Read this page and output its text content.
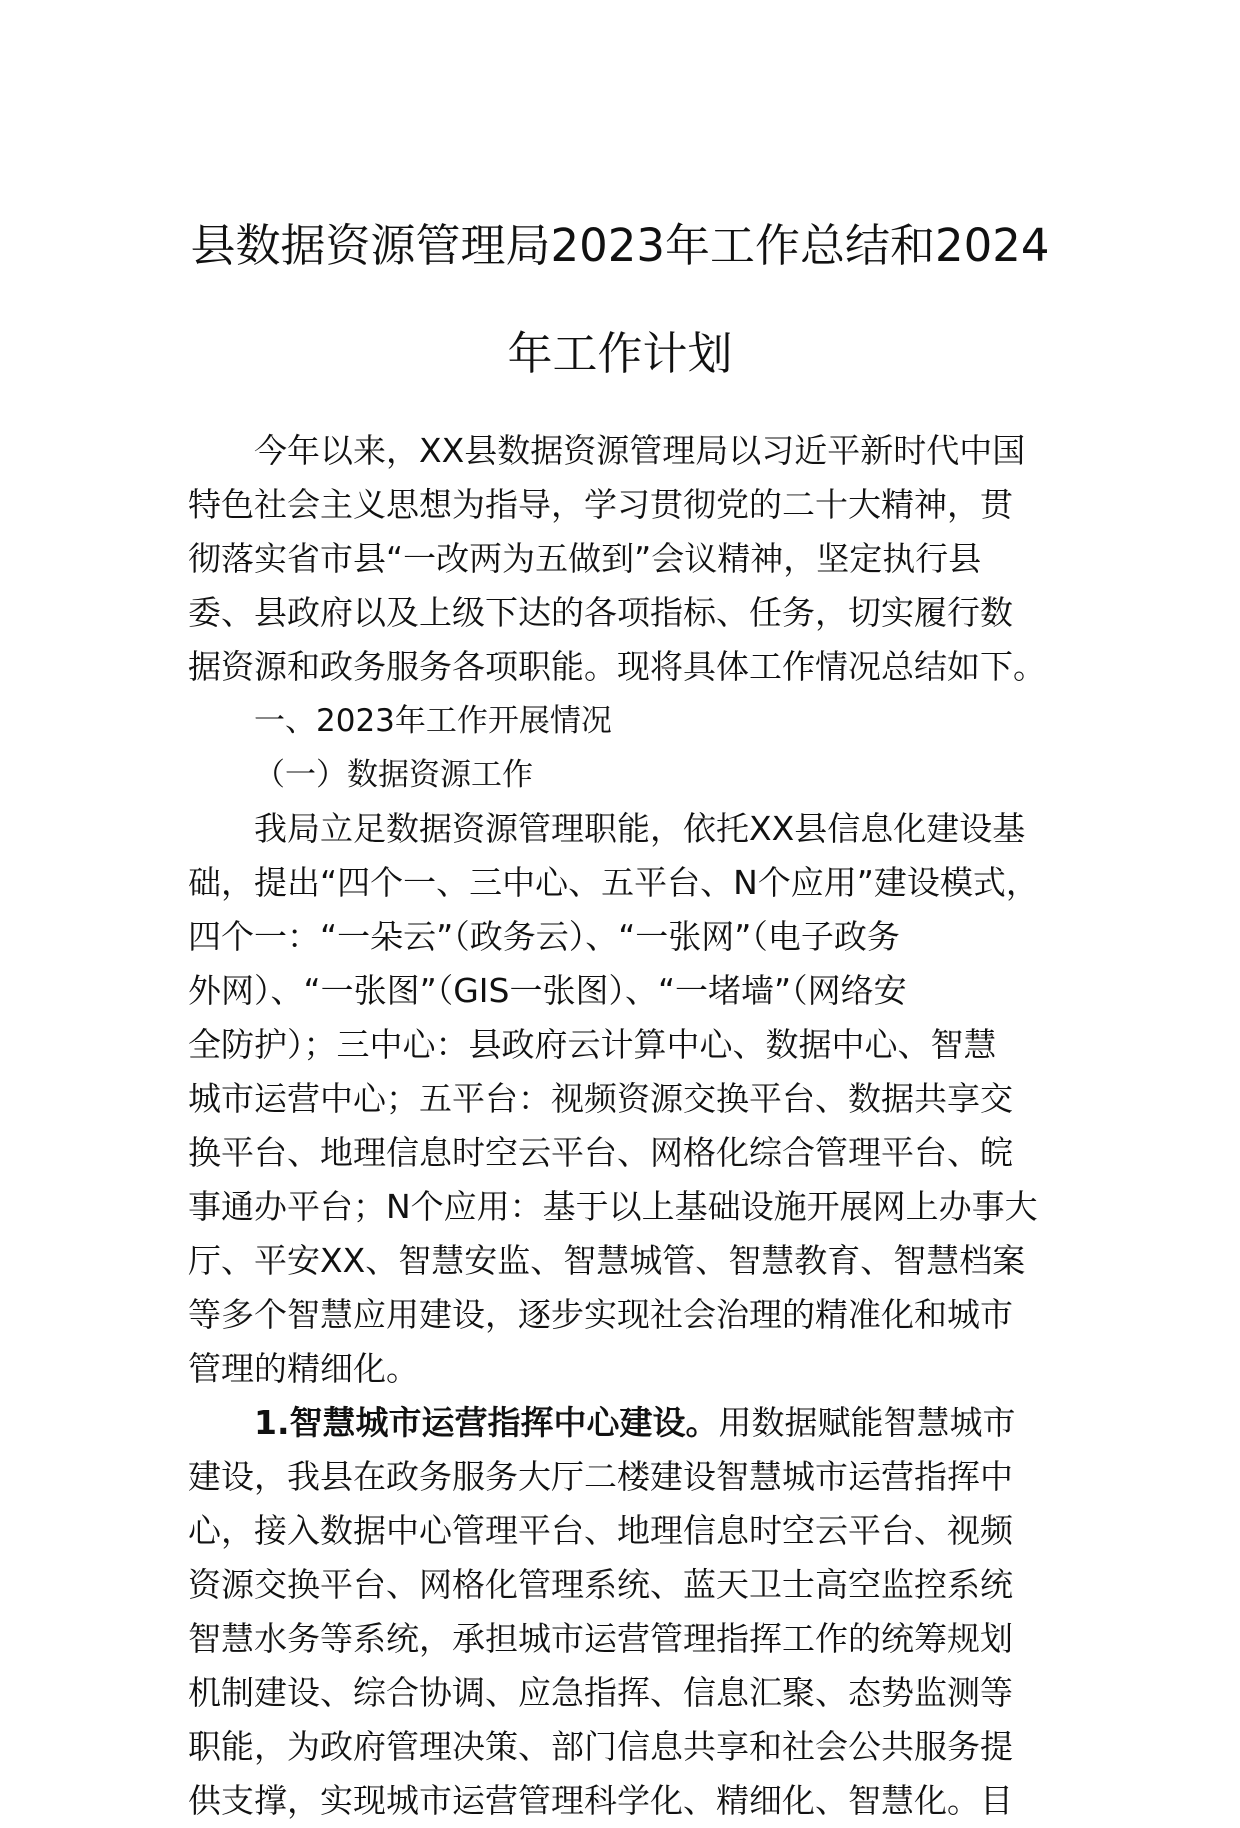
县数据资源管理局2023年工作总结和2024
年工作计划
今年以来，XX县数据资源管理局以习近平新时代中国
特色社会主义思想为指导，学习贯彻党的二十大精神，贯
彻落实省市县“一改两为五做到”会议精神，坚定执行县
委、县政府以及上级下达的各项指标、任务，切实履行数
据资源和政务服务各项职能。现将具体工作情况总结如下。
一、2023年工作开展情况
（一）数据资源工作
我局立足数据资源管理职能，依托XX县信息化建设基
础，提出“四个一、三中心、五平台、N个应用”建设模式，
四个一：“一朵云”（政务云）、“一张网”（电子政务
外网）、“一张图”（GIS一张图）、“一堵墙”（网络安
全防护）；三中心：县政府云计算中心、数据中心、智慧
城市运营中心；五平台：视频资源交换平台、数据共享交
换平台、地理信息时空云平台、网格化综合管理平台、皖
事通办平台；N个应用：基于以上基础设施开展网上办事大
厅、平安XX、智慧安监、智慧城管、智慧教育、智慧档案
等多个智慧应用建设，逐步实现社会治理的精准化和城市
管理的精细化。
1.智慧城市运营指挥中心建设。用数据赋能智慧城市
建设，我县在政务服务大厅二楼建设智慧城市运营指挥中
心，接入数据中心管理平台、地理信息时空云平台、视频
资源交换平台、网格化管理系统、蓝天卫士高空监控系统
智慧水务等系统，承担城市运营管理指挥工作的统筹规划
机制建设、综合协调、应急指挥、信息汇聚、态势监测等
职能，为政府管理决策、部门信息共享和社会公共服务提
供支撑，实现城市运营管理科学化、精细化、智慧化。目
